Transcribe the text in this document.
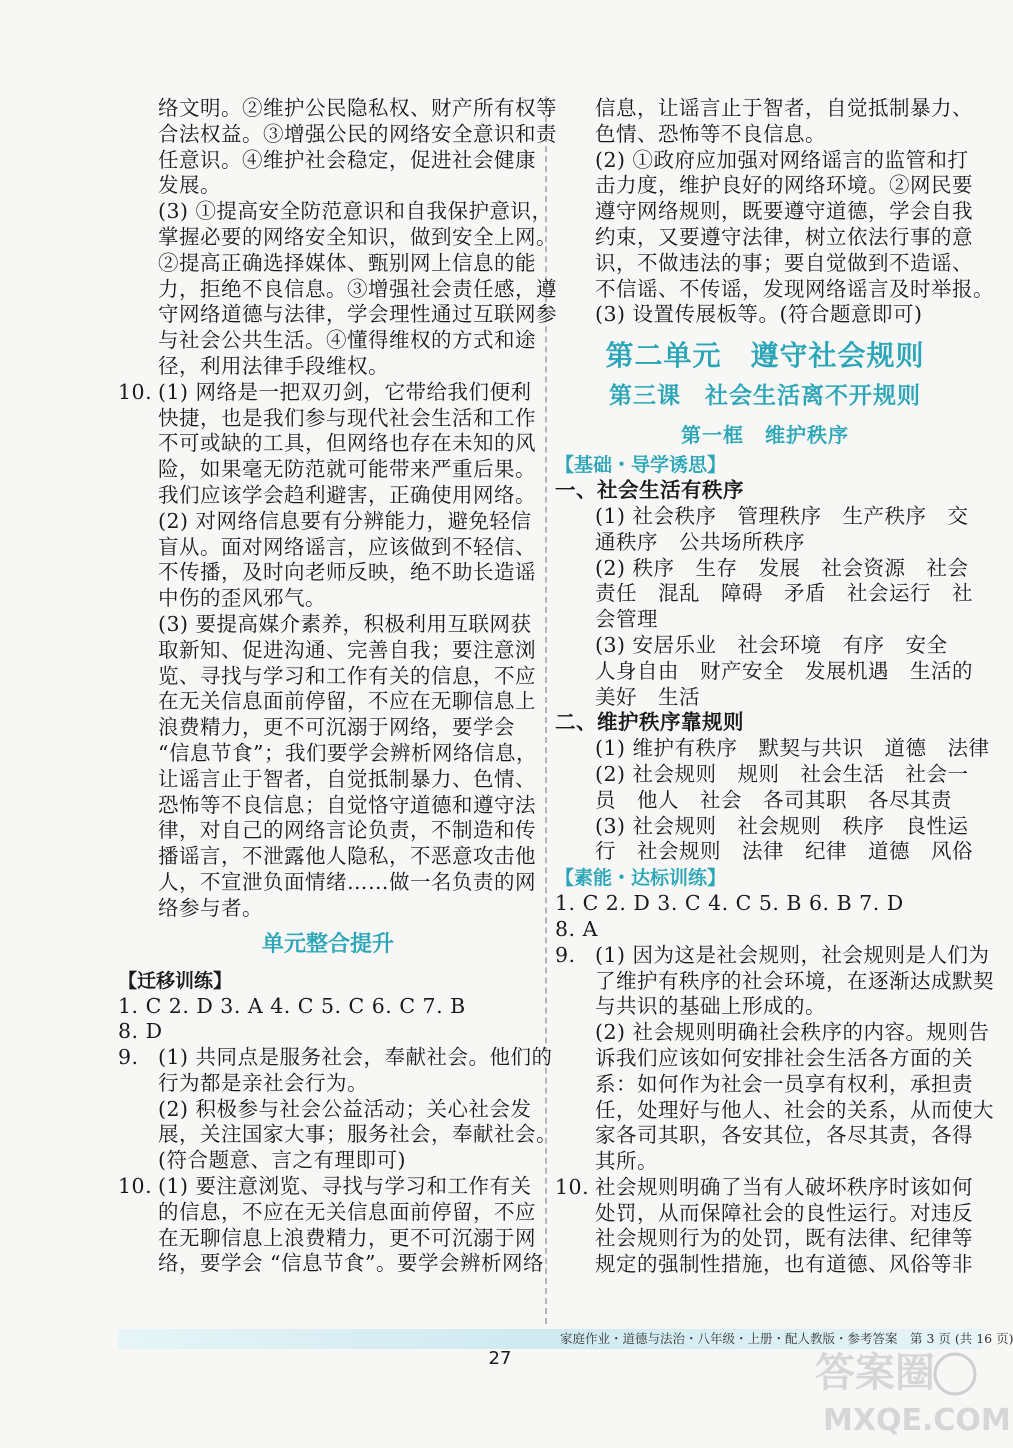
络文明。②维护公民隐私权、财产所有权等
合法权益。③增强公民的网络安全意识和责
任意识。④维护社会稳定，促进社会健康
发展。
(3) ①提高安全防范意识和自我保护意识，
掌握必要的网络安全知识，做到安全上网。
②提高正确选择媒体、甄别网上信息的能
力，拒绝不良信息。③增强社会责任感，遵
守网络道德与法律，学会理性通过互联网参
与社会公共生活。④懂得维权的方式和途
径，利用法律手段维权。
10. (1) 网络是一把双刃剑，它带给我们便利
快捷，也是我们参与现代社会生活和工作
不可或缺的工具，但网络也存在未知的风
险，如果毫无防范就可能带来严重后果。
我们应该学会趋利避害，正确使用网络。
(2) 对网络信息要有分辨能力，避免轻信
盲从。面对网络谣言，应该做到不轻信、
不传播，及时向老师反映，绝不助长造谣
中伤的歪风邪气。
(3) 要提高媒介素养，积极利用互联网获
取新知、促进沟通、完善自我；要注意浏
览、寻找与学习和工作有关的信息，不应
在无关信息面前停留，不应在无聊信息上
浪费精力，更不可沉溺于网络，要学会
“信息节食”；我们要学会辨析网络信息，
让谣言止于智者，自觉抵制暴力、色情、
恐怖等不良信息；自觉恪守道德和遵守法
律，对自己的网络言论负责，不制造和传
播谣言，不泄露他人隐私，不恶意攻击他
人，不宣泄负面情绪……做一名负责的网
络参与者。
单元整合提升
【迁移训练】
1. C 2. D 3. A 4. C 5. C 6. C 7. B
8. D
9. (1) 共同点是服务社会，奉献社会。他们的
行为都是亲社会行为。
(2) 积极参与社会公益活动；关心社会发
展，关注国家大事；服务社会，奉献社会。
(符合题意、言之有理即可)
10. (1) 要注意浏览、寻找与学习和工作有关
的信息，不应在无关信息面前停留，不应
在无聊信息上浪费精力，更不可沉溺于网
络，要学会 “信息节食”。要学会辨析网络
信息，让谣言止于智者，自觉抵制暴力、
色情、恐怖等不良信息。
(2) ①政府应加强对网络谣言的监管和打
击力度，维护良好的网络环境。②网民要
遵守网络规则，既要遵守道德，学会自我
约束，又要遵守法律，树立依法行事的意
识，不做违法的事；要自觉做到不造谣、
不信谣、不传谣，发现网络谣言及时举报。
(3) 设置传展板等。(符合题意即可)
第二单元　遵守社会规则
第三课　社会生活离不开规则
第一框　维护秩序
【基础・导学诱思】
一、社会生活有秩序
(1) 社会秩序　管理秩序　生产秩序　交
通秩序　公共场所秩序
(2) 秩序　生存　发展　社会资源　社会
责任　混乱　障碍　矛盾　社会运行　社
会管理
(3) 安居乐业　社会环境　有序　安全
人身自由　财产安全　发展机遇　生活的
美好　生活
二、维护秩序靠规则
(1) 维护有秩序　默契与共识　道德　法律
(2) 社会规则　规则　社会生活　社会一
员　他人　社会　各司其职　各尽其责
(3) 社会规则　社会规则　秩序　良性运
行　社会规则　法律　纪律　道德　风俗
【素能・达标训练】
1. C 2. D 3. C 4. C 5. B 6. B 7. D
8. A
9. (1) 因为这是社会规则，社会规则是人们为
了维护有秩序的社会环境，在逐渐达成默契
与共识的基础上形成的。
(2) 社会规则明确社会秩序的内容。规则告
诉我们应该如何安排社会生活各方面的关
系：如何作为社会一员享有权利，承担责
任，处理好与他人、社会的关系，从而使大
家各司其职，各安其位，各尽其责，各得
其所。
10. 社会规则明确了当有人破坏秩序时该如何
处罚，从而保障社会的良性运行。对违反
社会规则行为的处罚，既有法律、纪律等
规定的强制性措施，也有道德、风俗等非
家庭作业・道德与法治・八年级・上册・配人教版・参考答案　第 3 页 (共 16 页)
27	答案圈
MXQE.COM
